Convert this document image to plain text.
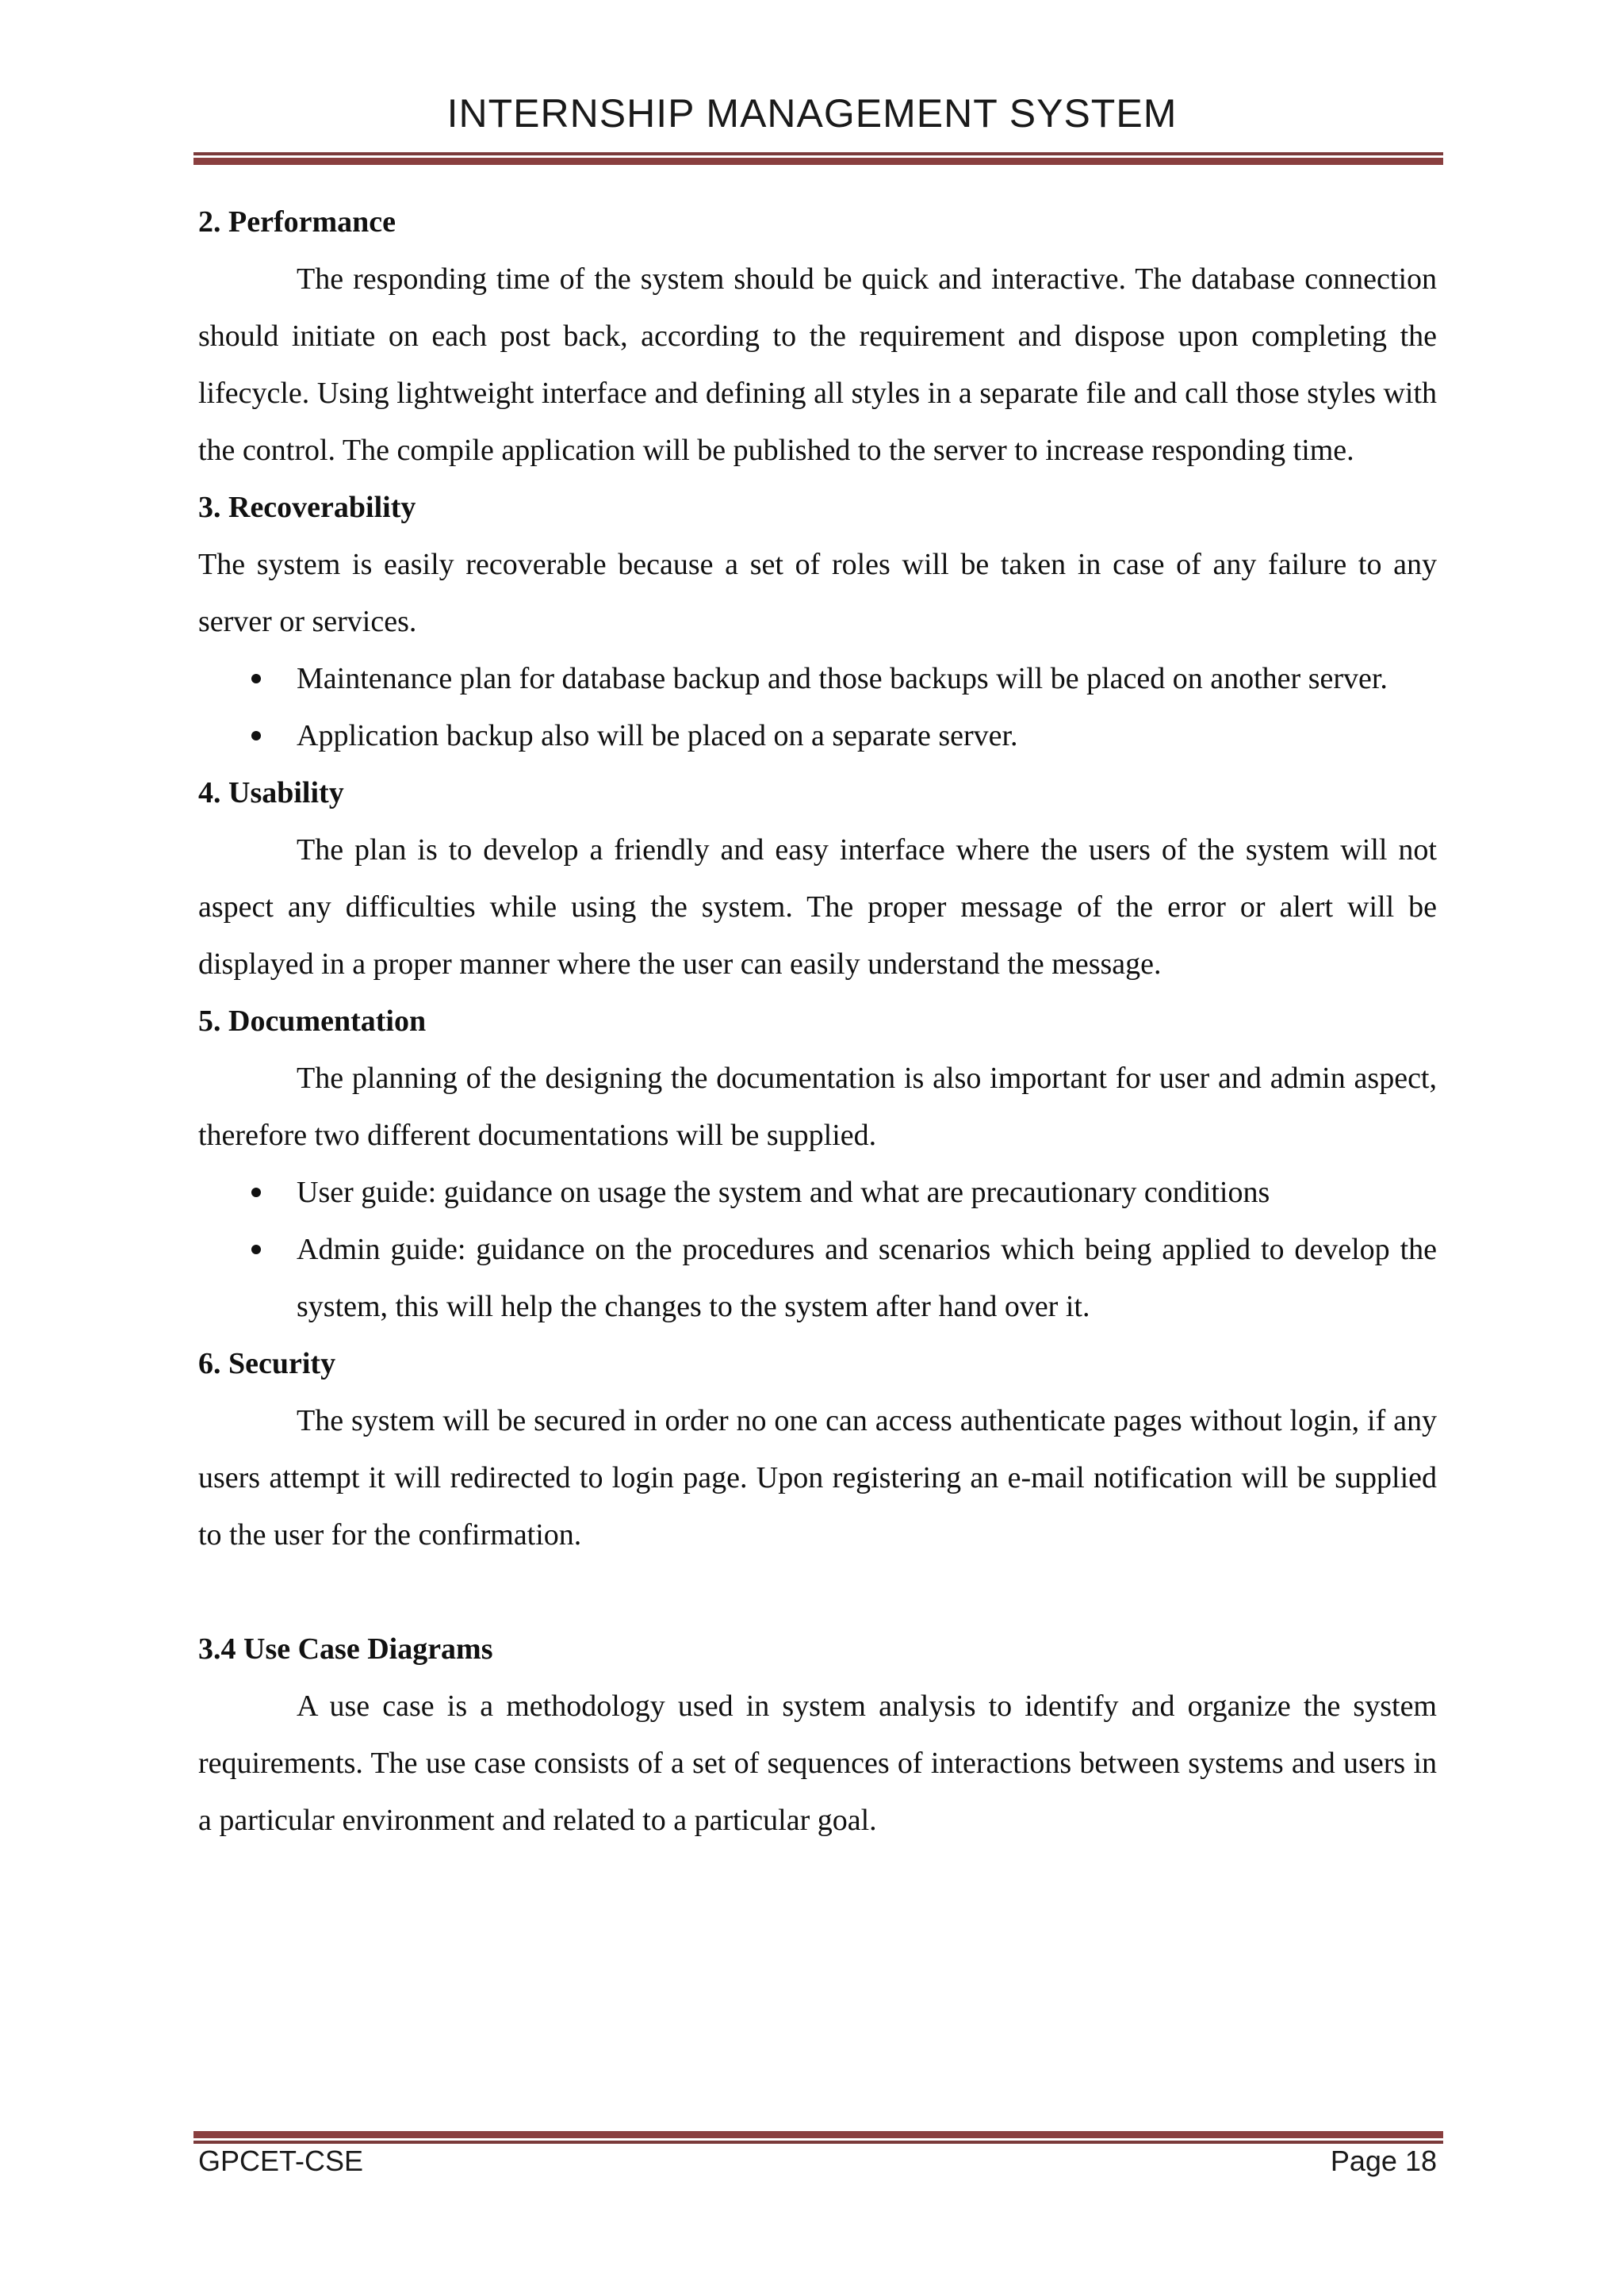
INTERNSHIP MANAGEMENT SYSTEM

2. Performance

The responding time of the system should be quick and interactive. The database connection should initiate on each post back, according to the requirement and dispose upon completing the lifecycle. Using lightweight interface and defining all styles in a separate file and call those styles with the control. The compile application will be published to the server to increase responding time.

3. Recoverability

The system is easily recoverable because a set of roles will be taken in case of any failure to any server or services.

Maintenance plan for database backup and those backups will be placed on another server.
Application backup also will be placed on a separate server.

4. Usability

The plan is to develop a friendly and easy interface where the users of the system will not aspect any difficulties while using the system. The proper message of the error or alert will be displayed in a proper manner where the user can easily understand the message.

5. Documentation

The planning of the designing the documentation is also important for user and admin aspect, therefore two different documentations will be supplied.

User guide: guidance on usage the system and what are precautionary conditions
Admin guide: guidance on the procedures and scenarios which being applied to develop the system, this will help the changes to the system after hand over it.

6. Security

The system will be secured in order no one can access authenticate pages without login, if any users attempt it will redirected to login page. Upon registering an e-mail notification will be supplied to the user for the confirmation.

3.4 Use Case Diagrams

A use case is a methodology used in system analysis to identify and organize the system requirements. The use case consists of a set of sequences of interactions between systems and users in a particular environment and related to a particular goal.

GPCET-CSE	Page 18
